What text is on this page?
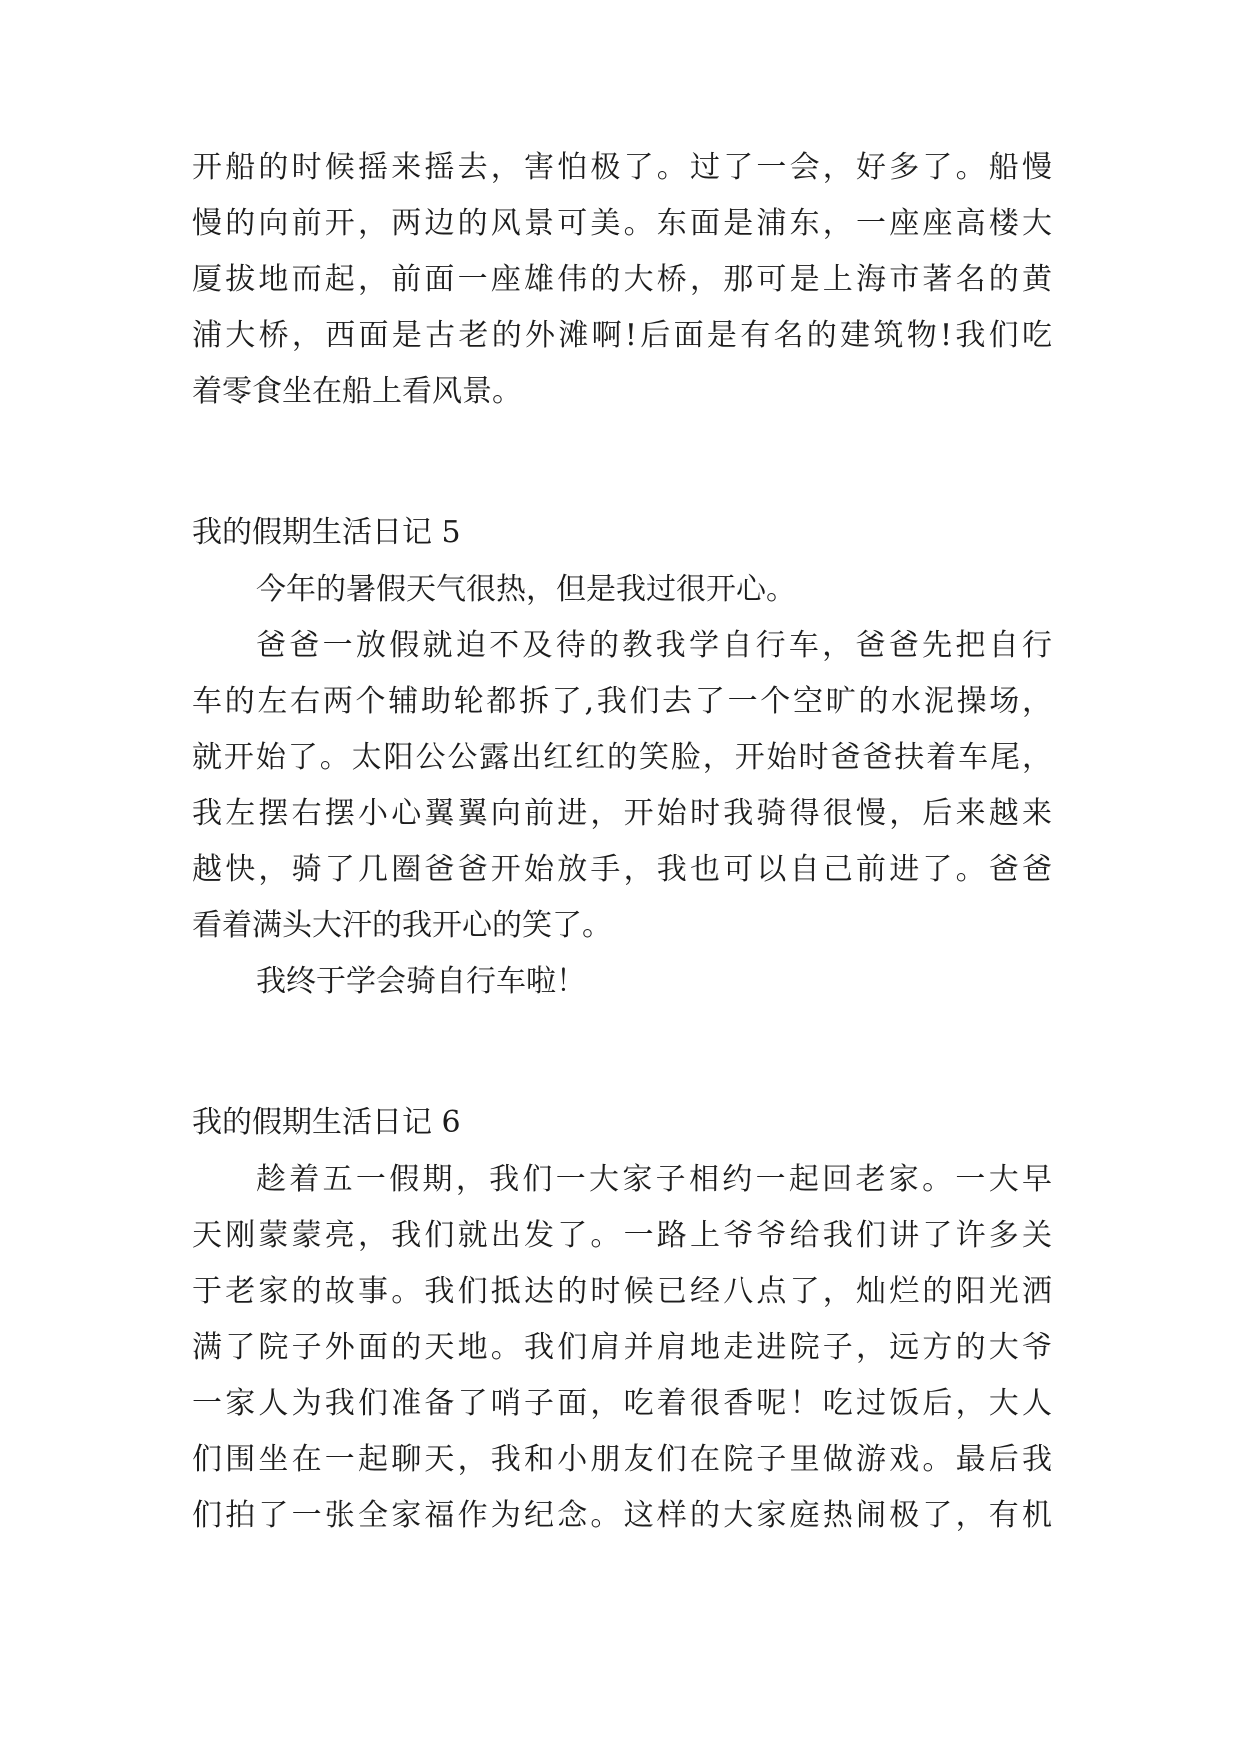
开船的时候摇来摇去，害怕极了。过了一会，好多了。船慢
慢的向前开，两边的风景可美。东面是浦东，一座座高楼大
厦拔地而起，前面一座雄伟的大桥，那可是上海市著名的黄
浦大桥，西面是古老的外滩啊!后面是有名的建筑物!我们吃
着零食坐在船上看风景。
我的假期生活日记 5
今年的暑假天气很热，但是我过很开心。
爸爸一放假就迫不及待的教我学自行车，爸爸先把自行
车的左右两个辅助轮都拆了,我们去了一个空旷的水泥操场，
就开始了。太阳公公露出红红的笑脸，开始时爸爸扶着车尾，
我左摆右摆小心翼翼向前进，开始时我骑得很慢，后来越来
越快，骑了几圈爸爸开始放手，我也可以自己前进了。爸爸
看着满头大汗的我开心的笑了。
我终于学会骑自行车啦！
我的假期生活日记 6
趁着五一假期，我们一大家子相约一起回老家。一大早
天刚蒙蒙亮，我们就出发了。一路上爷爷给我们讲了许多关
于老家的故事。我们抵达的时候已经八点了，灿烂的阳光洒
满了院子外面的天地。我们肩并肩地走进院子，远方的大爷
一家人为我们准备了哨子面，吃着很香呢！吃过饭后，大人
们围坐在一起聊天，我和小朋友们在院子里做游戏。最后我
们拍了一张全家福作为纪念。这样的大家庭热闹极了，有机
